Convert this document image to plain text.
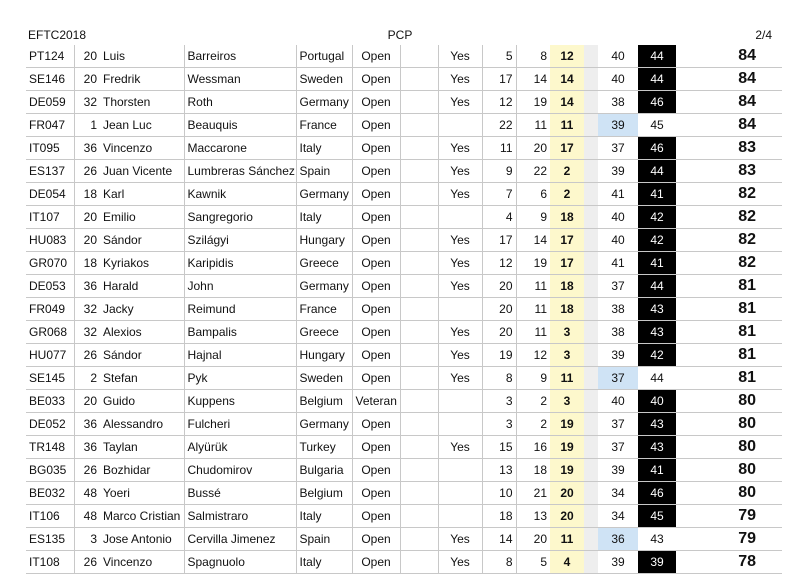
EFTC2018	PCP	2/4
PT124	20	Luis	Barreiros	Portugal	Open		Yes	5	8	12		40	44	84
SE146	20	Fredrik	Wessman	Sweden	Open		Yes	17	14	14		40	44	84
DE059	32	Thorsten	Roth	Germany	Open		Yes	12	19	14		38	46	84
FR047	1	Jean Luc	Beauquis	France	Open			22	11	11		39	45	84
IT095	36	Vincenzo	Maccarone	Italy	Open		Yes	11	20	17		37	46	83
ES137	26	Juan Vicente	Lumbreras Sánchez	Spain	Open		Yes	9	22	2		39	44	83
DE054	18	Karl	Kawnik	Germany	Open		Yes	7	6	2		41	41	82
IT107	20	Emilio	Sangregorio	Italy	Open			4	9	18		40	42	82
HU083	20	Sándor	Szilágyi	Hungary	Open		Yes	17	14	17		40	42	82
GR070	18	Kyriakos	Karipidis	Greece	Open		Yes	12	19	17		41	41	82
DE053	36	Harald	John	Germany	Open		Yes	20	11	18		37	44	81
FR049	32	Jacky	Reimund	France	Open			20	11	18		38	43	81
GR068	32	Alexios	Bampalis	Greece	Open		Yes	20	11	3		38	43	81
HU077	26	Sándor	Hajnal	Hungary	Open		Yes	19	12	3		39	42	81
SE145	2	Stefan	Pyk	Sweden	Open		Yes	8	9	11		37	44	81
BE033	20	Guido	Kuppens	Belgium	Veteran			3	2	3		40	40	80
DE052	36	Alessandro	Fulcheri	Germany	Open			3	2	19		37	43	80
TR148	36	Taylan	Alyürük	Turkey	Open		Yes	15	16	19		37	43	80
BG035	26	Bozhidar	Chudomirov	Bulgaria	Open			13	18	19		39	41	80
BE032	48	Yoeri	Bussé	Belgium	Open			10	21	20		34	46	80
IT106	48	Marco Cristian	Salmistraro	Italy	Open			18	13	20		34	45	79
ES135	3	Jose Antonio	Cervilla Jimenez	Spain	Open		Yes	14	20	11		36	43	79
IT108	26	Vincenzo	Spagnuolo	Italy	Open		Yes	8	5	4		39	39	78
